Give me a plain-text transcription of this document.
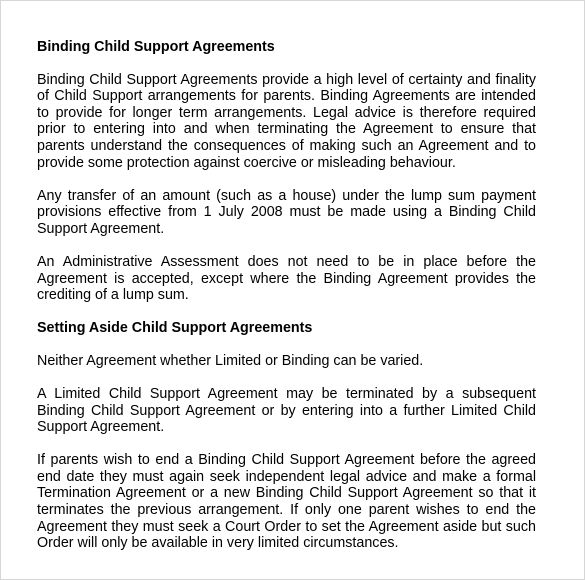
Binding Child Support Agreements
Binding Child Support Agreements provide a high level of certainty and finality
of Child Support arrangements for parents. Binding Agreements are intended
to provide for longer term arrangements. Legal advice is therefore required
prior to entering into and when terminating the Agreement to ensure that
parents understand the consequences of making such an Agreement and to
provide some protection against coercive or misleading behaviour.
Any transfer of an amount (such as a house) under the lump sum payment
provisions effective from 1 July 2008 must be made using a Binding Child
Support Agreement.
An Administrative Assessment does not need to be in place before the
Agreement is accepted, except where the Binding Agreement provides the
crediting of a lump sum.
Setting Aside Child Support Agreements
Neither Agreement whether Limited or Binding can be varied.
A Limited Child Support Agreement may be terminated by a subsequent
Binding Child Support Agreement or by entering into a further Limited Child
Support Agreement.
If parents wish to end a Binding Child Support Agreement before the agreed
end date they must again seek independent legal advice and make a formal
Termination Agreement or a new Binding Child Support Agreement so that it
terminates the previous arrangement. If only one parent wishes to end the
Agreement they must seek a Court Order to set the Agreement aside but such
Order will only be available in very limited circumstances.
